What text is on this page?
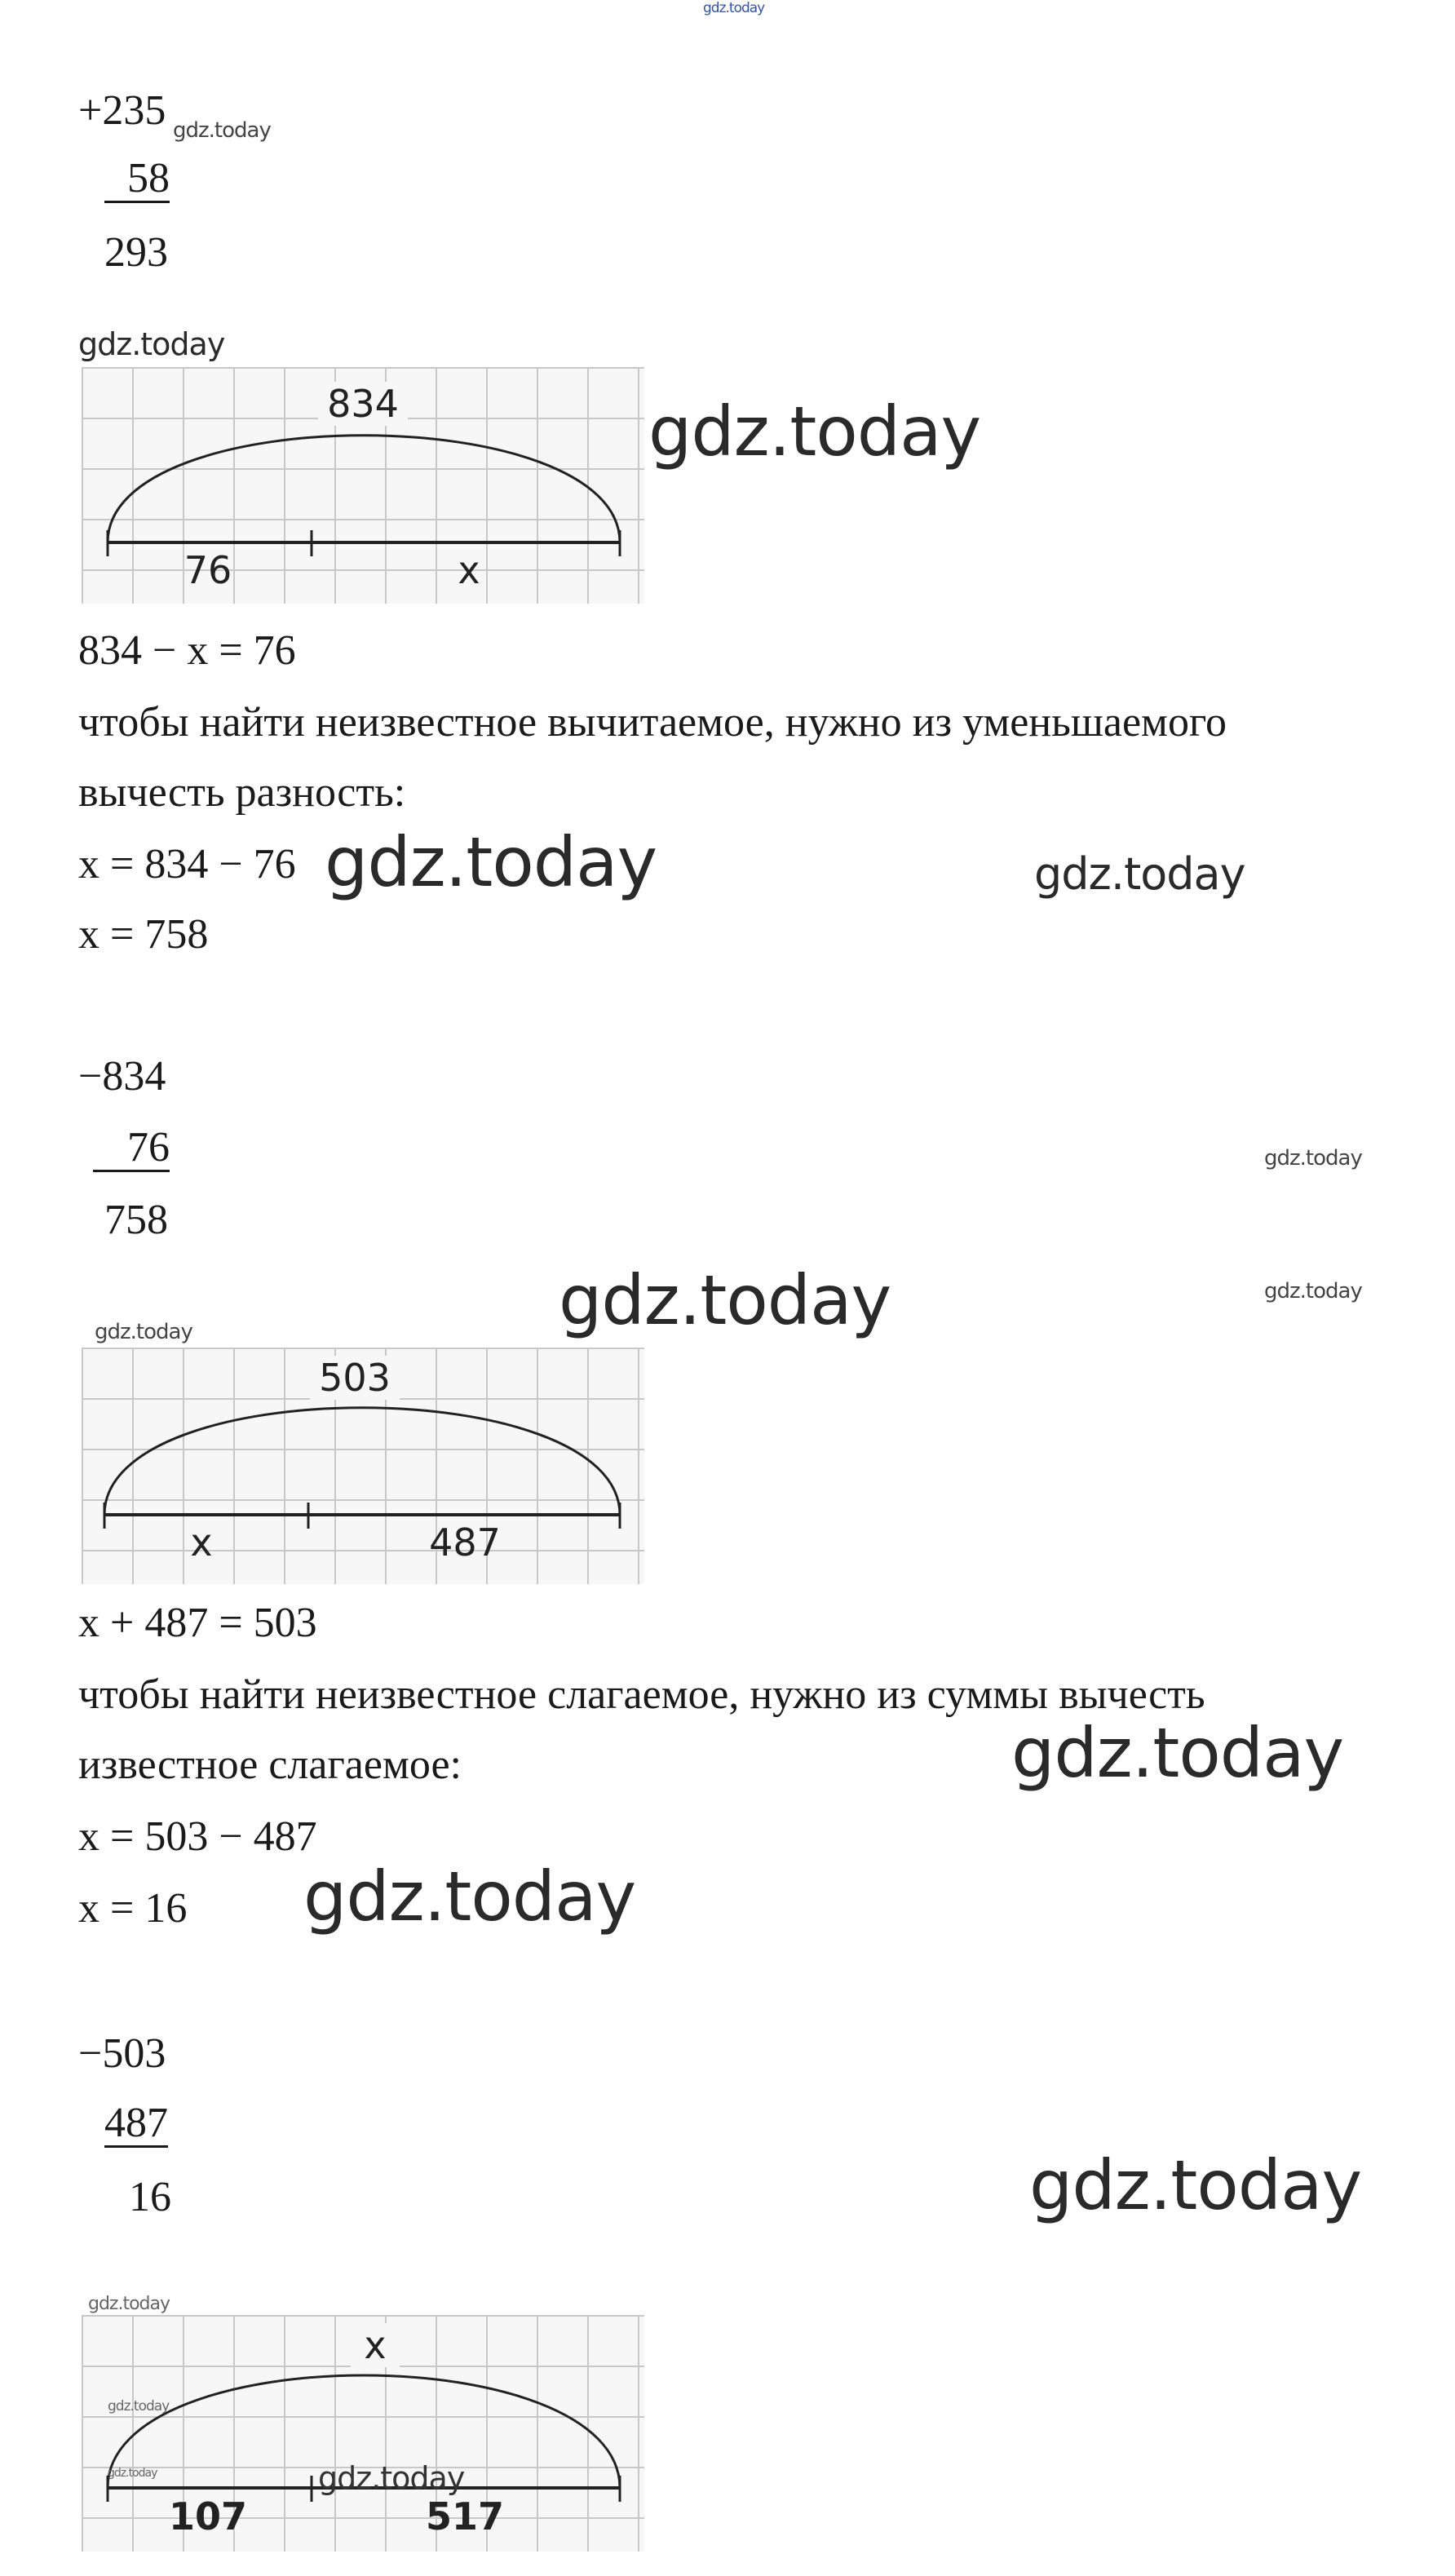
gdz.today
+235 gdz.today
58
293
gdz.today
834
76	x
gdz.today
834 − x = 76
чтобы найти неизвестное вычитаемое, нужно из уменьшаемого
вычесть разность:
x = 834 − 76 gdz.today	gdz.today
x = 758
−834
76	gdz.today
758
gdz.today
gdz.today
gdz.today
503
x	487
x + 487 = 503
чтобы найти неизвестное слагаемое, нужно из суммы вычесть
известное слагаемое:	gdz.today
x = 503 − 487
x = 16 gdz.today
−503
487
16	gdz.today
gdz.today
x
gdz.today
gdz.today	gdz.today
107	517
